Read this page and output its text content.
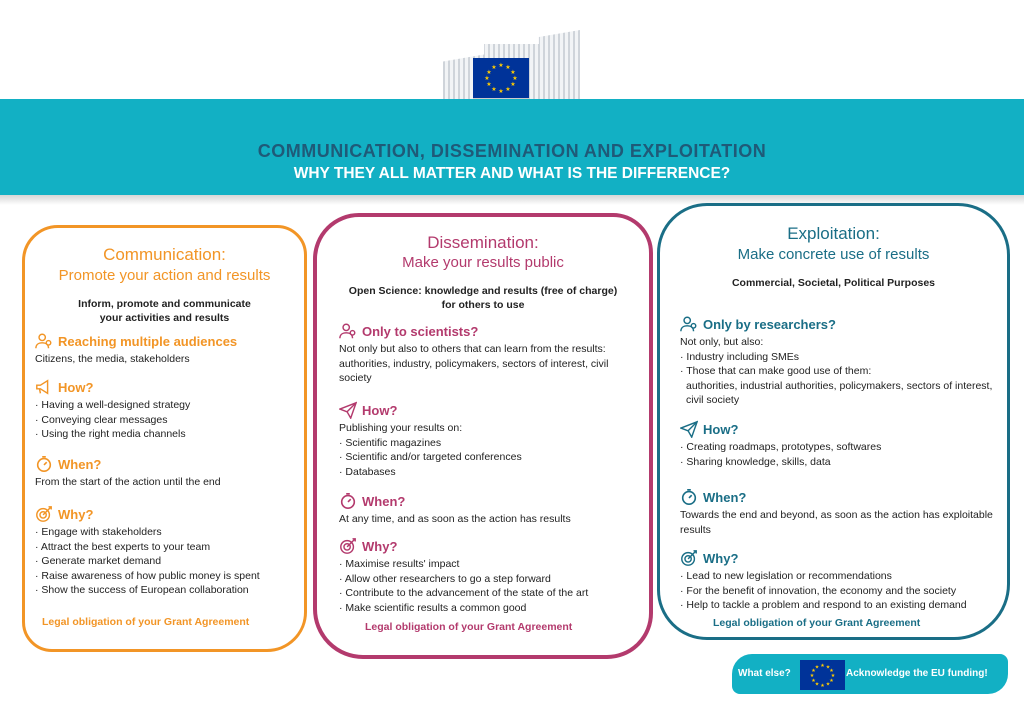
★ ★
★
★
★
★
★
★
★
★
★
★
COMMUNICATION, DISSEMINATION AND EXPLOITATION
WHY THEY ALL MATTER AND WHAT IS THE DIFFERENCE?
Communication:
Promote your action and results
Inform, promote and communicate
your activities and results
Reaching multiple audiences
Citizens, the media, stakeholders
How?
· Having a well-designed strategy
· Conveying clear messages
· Using the right media channels
When?
From the start of the action until the end
Why?
· Engage with stakeholders
· Attract the best experts to your team
· Generate market demand
· Raise awareness of how public money is spent
· Show the success of European collaboration
Legal obligation of your Grant Agreement
Dissemination:
Make your results public
Open Science: knowledge and results (free of charge)
for others to use
Only to scientists?
Not only but also to others that can learn from the results: authorities, industry, policymakers, sectors of interest, civil society
How?
Publishing your results on:
· Scientific magazines
· Scientific and/or targeted conferences
· Databases
When?
At any time, and as soon as the action has results
Why?
· Maximise results' impact
· Allow other researchers to go a step forward
· Contribute to the advancement of the state of the art
· Make scientific results a common good
Legal obligation of your Grant Agreement
Exploitation:
Make concrete use of results
Commercial, Societal, Political Purposes
Only by researchers?
Not only, but also:
· Industry including SMEs
· Those that can make good use of them:
authorities, industrial authorities, policymakers, sectors of interest, civil society
How?
· Creating roadmaps, prototypes, softwares
· Sharing knowledge, skills, data
When?
Towards the end and beyond, as soon as the action has exploitable results
Why?
· Lead to new legislation or recommendations
· For the benefit of innovation, the economy and the society
· Help to tackle a problem and respond to an existing demand
Legal obligation of your Grant Agreement
What else?
★ ★
★
★
★
★
★
★
★
★
★
★
Acknowledge the EU funding!
